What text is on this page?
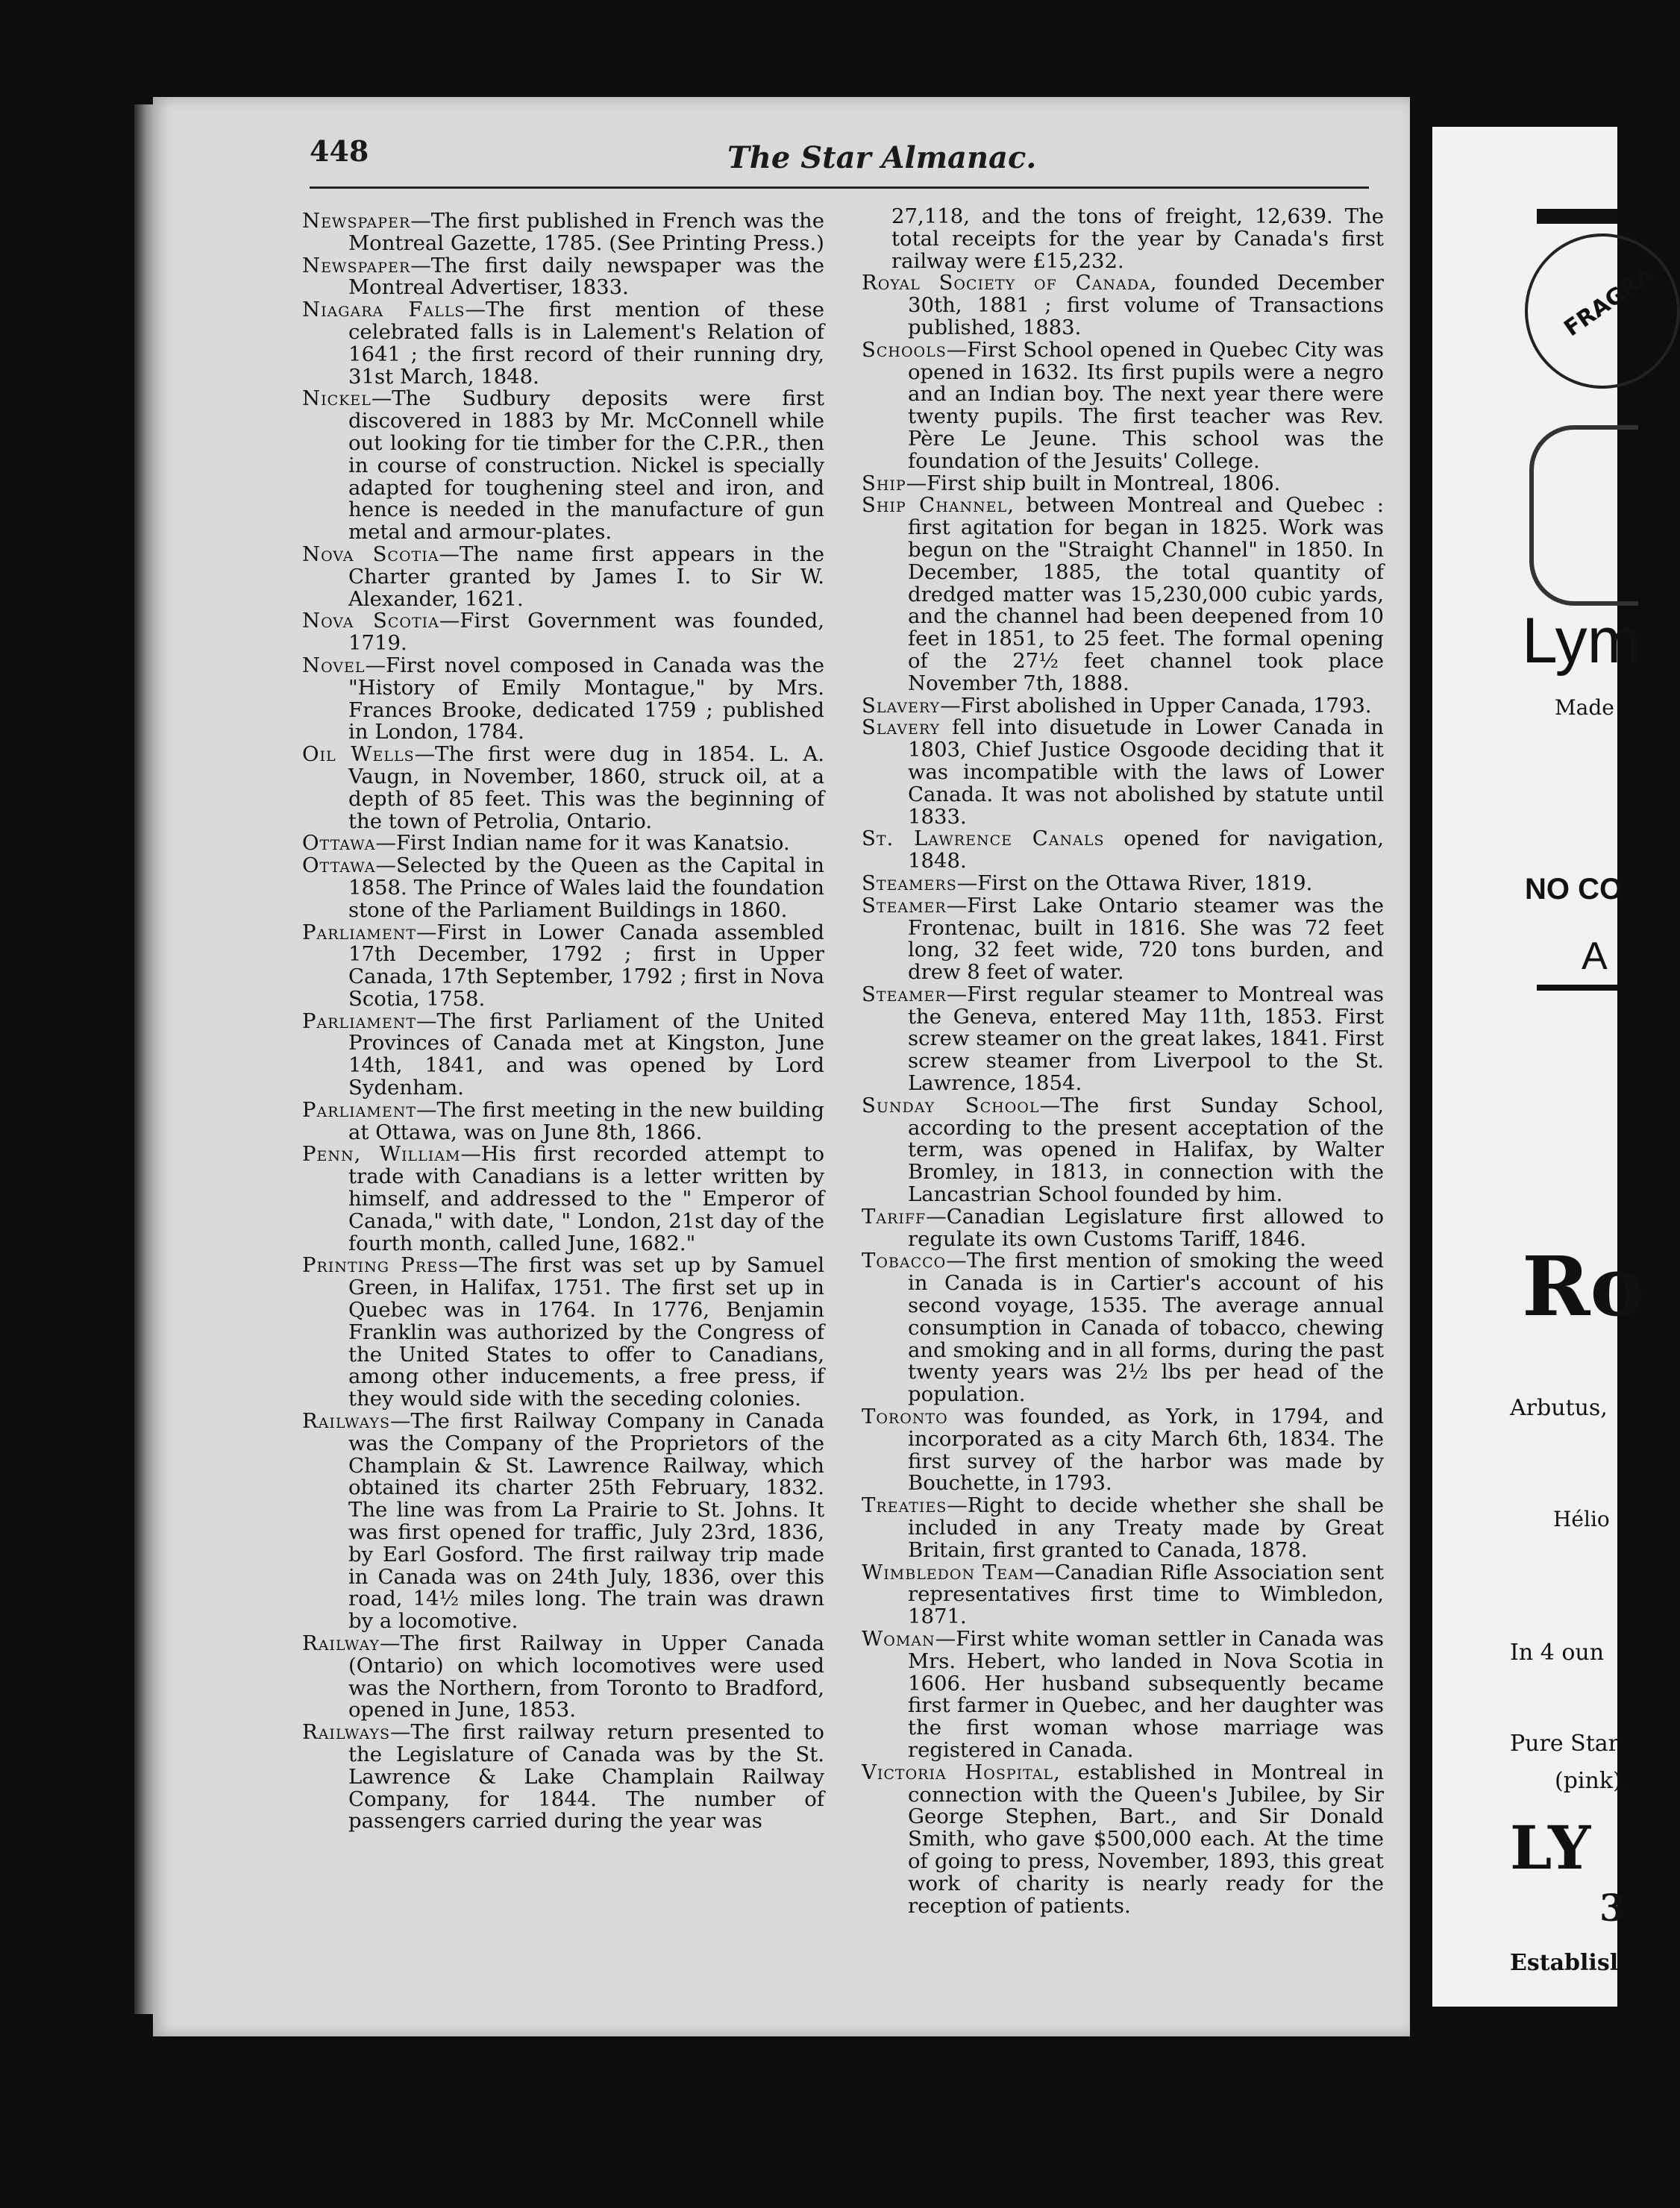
448	The Star Almanac.

Newspaper—The first published in French was the Montreal Gazette, 1785. (See Printing Press.)

Newspaper—The first daily newspaper was the Montreal Advertiser, 1833.

Niagara Falls—The first mention of these celebrated falls is in Lalement's Relation of 1641 ; the first record of their running dry, 31st March, 1848.

Nickel—The Sudbury deposits were first discovered in 1883 by Mr. McConnell while out looking for tie timber for the C.P.R., then in course of construction. Nickel is specially adapted for toughening steel and iron, and hence is needed in the manufacture of gun metal and armour-plates.

Nova Scotia—The name first appears in the Charter granted by James I. to Sir W. Alexander, 1621.

Nova Scotia—First Government was founded, 1719.

Novel—First novel composed in Canada was the "History of Emily Montague," by Mrs. Frances Brooke, dedicated 1759 ; published in London, 1784.

Oil Wells—The first were dug in 1854. L. A. Vaugn, in November, 1860, struck oil, at a depth of 85 feet. This was the beginning of the town of Petrolia, Ontario.

Ottawa—First Indian name for it was Kanatsio.

Ottawa—Selected by the Queen as the Capital in 1858. The Prince of Wales laid the foundation stone of the Parliament Buildings in 1860.

Parliament—First in Lower Canada assembled 17th December, 1792 ; first in Upper Canada, 17th September, 1792 ; first in Nova Scotia, 1758.

Parliament—The first Parliament of the United Provinces of Canada met at Kingston, June 14th, 1841, and was opened by Lord Sydenham.

Parliament—The first meeting in the new building at Ottawa, was on June 8th, 1866.

Penn, William—His first recorded attempt to trade with Canadians is a letter written by himself, and addressed to the " Emperor of Canada," with date, " London, 21st day of the fourth month, called June, 1682."

Printing Press—The first was set up by Samuel Green, in Halifax, 1751. The first set up in Quebec was in 1764. In 1776, Benjamin Franklin was authorized by the Congress of the United States to offer to Canadians, among other inducements, a free press, if they would side with the seceding colonies.

Railways—The first Railway Company in Canada was the Company of the Proprietors of the Champlain & St. Lawrence Railway, which obtained its charter 25th February, 1832. The line was from La Prairie to St. Johns. It was first opened for traffic, July 23rd, 1836, by Earl Gosford. The first railway trip made in Canada was on 24th July, 1836, over this road, 14½ miles long. The train was drawn by a locomotive.

Railway—The first Railway in Upper Canada (Ontario) on which locomotives were used was the Northern, from Toronto to Bradford, opened in June, 1853.

Railways—The first railway return presented to the Legislature of Canada was by the St. Lawrence & Lake Champlain Railway Company, for 1844. The number of passengers carried during the year was

27,118, and the tons of freight, 12,639. The total receipts for the year by Canada's first railway were £15,232.

Royal Society of Canada, founded December 30th, 1881 ; first volume of Transactions published, 1883.

Schools—First School opened in Quebec City was opened in 1632. Its first pupils were a negro and an Indian boy. The next year there were twenty pupils. The first teacher was Rev. Père Le Jeune. This school was the foundation of the Jesuits' College.

Ship—First ship built in Montreal, 1806.

Ship Channel, between Montreal and Quebec : first agitation for began in 1825. Work was begun on the "Straight Channel" in 1850. In December, 1885, the total quantity of dredged matter was 15,230,000 cubic yards, and the channel had been deepened from 10 feet in 1851, to 25 feet. The formal opening of the 27½ feet channel took place November 7th, 1888.

Slavery—First abolished in Upper Canada, 1793.

Slavery fell into disuetude in Lower Canada in 1803, Chief Justice Osgoode deciding that it was incompatible with the laws of Lower Canada. It was not abolished by statute until 1833.

St. Lawrence Canals opened for navigation, 1848.

Steamers—First on the Ottawa River, 1819.

Steamer—First Lake Ontario steamer was the Frontenac, built in 1816. She was 72 feet long, 32 feet wide, 720 tons burden, and drew 8 feet of water.

Steamer—First regular steamer to Montreal was the Geneva, entered May 11th, 1853. First screw steamer on the great lakes, 1841. First screw steamer from Liverpool to the St. Lawrence, 1854.

Sunday School—The first Sunday School, according to the present acceptation of the term, was opened in Halifax, by Walter Bromley, in 1813, in connection with the Lancastrian School founded by him.

Tariff—Canadian Legislature first allowed to regulate its own Customs Tariff, 1846.

Tobacco—The first mention of smoking the weed in Canada is in Cartier's account of his second voyage, 1535. The average annual consumption in Canada of tobacco, chewing and smoking and in all forms, during the past twenty years was 2½ lbs per head of the population.

Toronto was founded, as York, in 1794, and incorporated as a city March 6th, 1834. The first survey of the harbor was made by Bouchette, in 1793.

Treaties—Right to decide whether she shall be included in any Treaty made by Great Britain, first granted to Canada, 1878.

Wimbledon Team—Canadian Rifle Association sent representatives first time to Wimbledon, 1871.

Woman—First white woman settler in Canada was Mrs. Hebert, who landed in Nova Scotia in 1606. Her husband subsequently became first farmer in Quebec, and her daughter was the first woman whose marriage was registered in Canada.

Victoria Hospital, established in Montreal in connection with the Queen's Jubilee, by Sir George Stephen, Bart., and Sir Donald Smith, who gave $500,000 each. At the time of going to press, November, 1893, this great work of charity is nearly ready for the reception of patients.

FRAGRA
Lym
Made
NO CO
A
Ro
Arbutus,
Hélio
In 4 oun
Pure Star
(pink),
LY
3
Establisl
